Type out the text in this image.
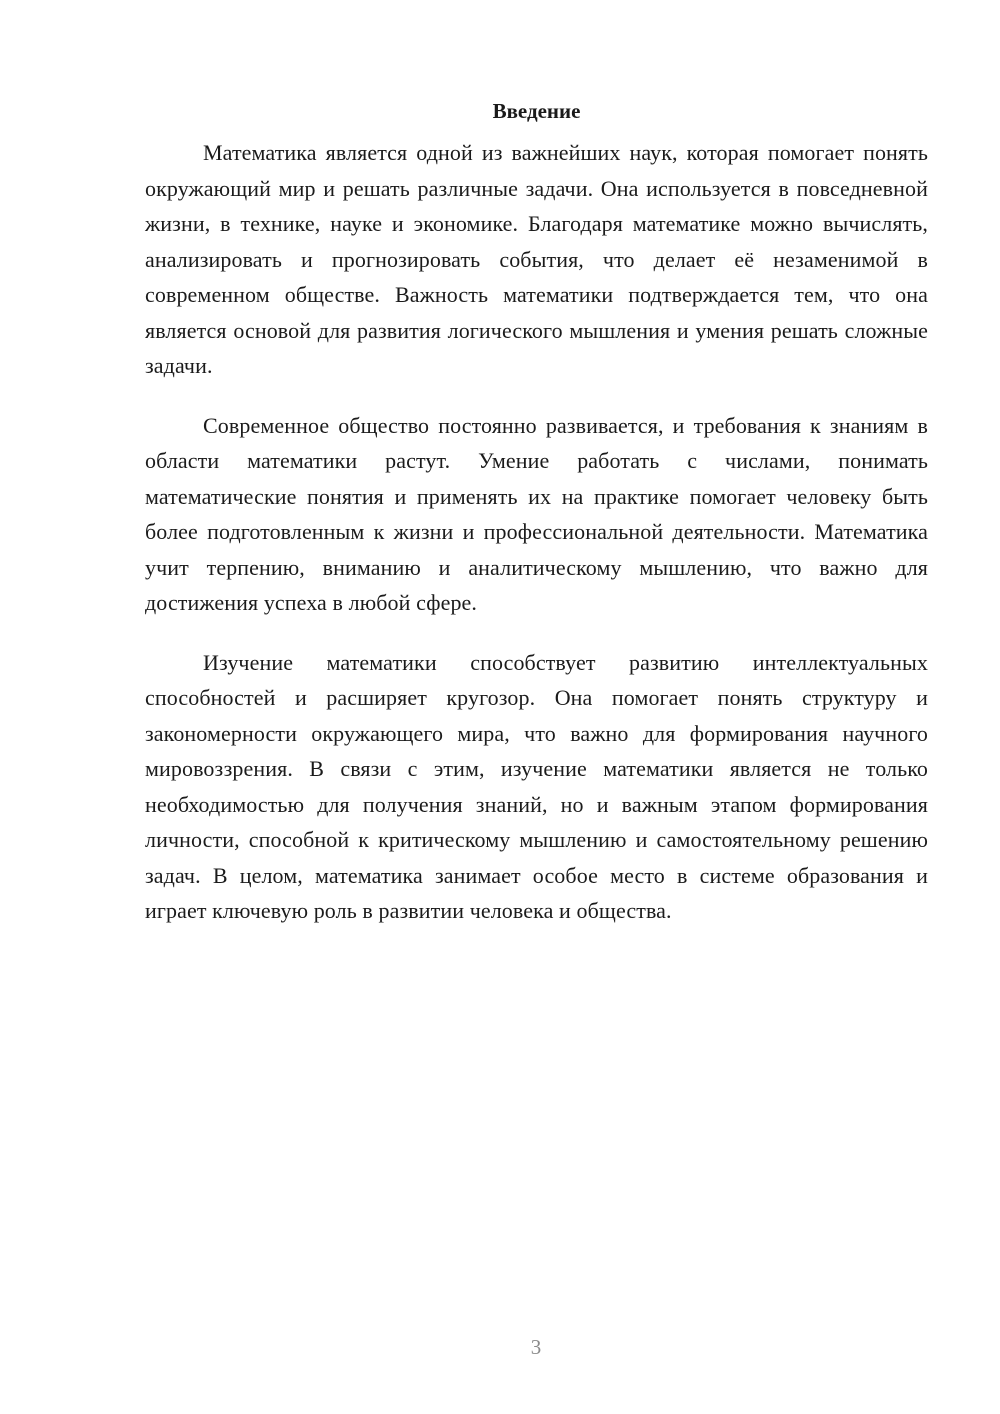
Введение

Математика является одной из важнейших наук, которая помогает понять окружающий мир и решать различные задачи. Она используется в повседневной жизни, в технике, науке и экономике. Благодаря математике можно вычислять, анализировать и прогнозировать события, что делает её незаменимой в современном обществе. Важность математики подтверждается тем, что она является основой для развития логического мышления и умения решать сложные задачи.

Современное общество постоянно развивается, и требования к знаниям в области математики растут. Умение работать с числами, понимать математические понятия и применять их на практике помогает человеку быть более подготовленным к жизни и профессиональной деятельности. Математика учит терпению, вниманию и аналитическому мышлению, что важно для достижения успеха в любой сфере.

Изучение математики способствует развитию интеллектуальных способностей и расширяет кругозор. Она помогает понять структуру и закономерности окружающего мира, что важно для формирования научного мировоззрения. В связи с этим, изучение математики является не только необходимостью для получения знаний, но и важным этапом формирования личности, способной к критическому мышлению и самостоятельному решению задач. В целом, математика занимает особое место в системе образования и играет ключевую роль в развитии человека и общества.

3
